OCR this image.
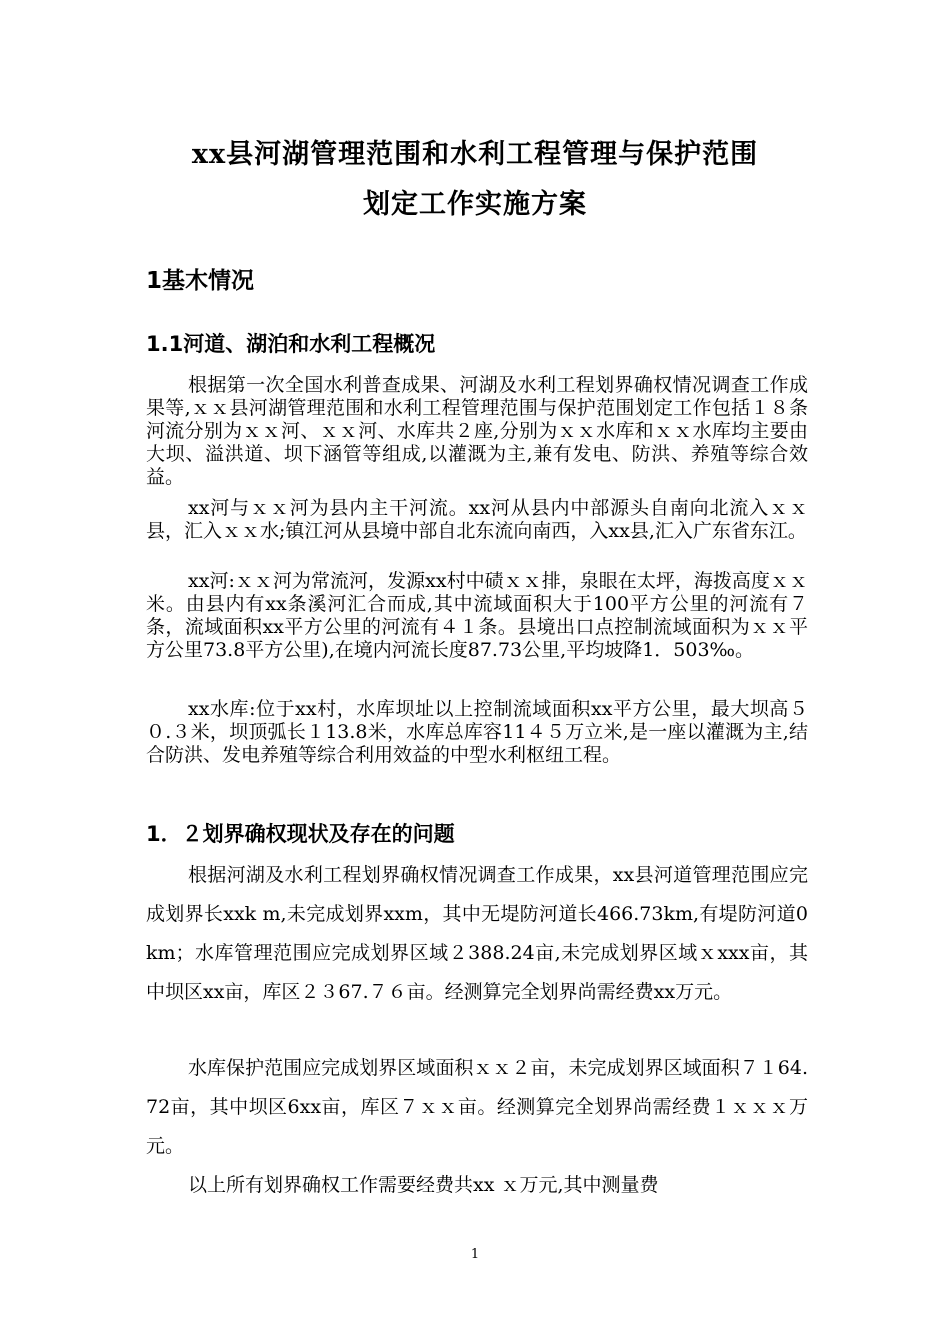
xx县河湖管理范围和水利工程管理与保护范围
划定工作实施方案
1基木情况
1.1河道、湖泊和水利工程概况

根据第一次全国水利普查成果、河湖及水利工程划界确权情况调查工作成果等,ｘｘ县河湖管理范围和水利工程管理范围与保护范围划定工作包括１８条河流分别为ｘｘ河、ｘｘ河、水库共２座,分别为ｘｘ水库和ｘｘ水库均主要由大坝、溢洪道、坝下涵管等组成,以灌溉为主,兼有发电、防洪、养殖等综合效益。

xx河与ｘｘ河为县内主干河流。xx河从县内中部源头自南向北流入ｘｘ县，汇入ｘｘ水;镇江河从县境中部自北东流向南西，入xx县,汇入广东省东江。

xx河:ｘｘ河为常流河，发源xx村中碛ｘｘ排，泉眼在太坪，海拨高度ｘｘ米。由县内有xx条溪河汇合而成,其中流域面积大于100平方公里的河流有７条，流域面积xx平方公里的河流有４１条。县境出口点控制流域面积为ｘｘ平方公里73.8平方公里),在境内河流长度87.73公里,平均坡降1．503‰。

xx水库:位于xx村，水库坝址以上控制流域面积xx平方公里，最大坝高５０.３米，坝顶弧长１13.8米，水库总库容11４５万立米,是一座以灌溉为主,结合防洪、发电养殖等综合利用效益的中型水利枢纽工程。

1．２划界确权现状及存在的问题

根据河湖及水利工程划界确权情况调查工作成果，xx县河道管理范围应完成划界长xxk m,未完成划界xxm，其中无堤防河道长466.73km,有堤防河道0km；水库管理范围应完成划界区域２388.24亩,未完成划界区域ｘxxx亩，其中坝区xx亩，库区２３67.７６亩。经测算完全划界尚需经费xx万元。

水库保护范围应完成划界区域面积ｘｘ２亩，未完成划界区域面积７１64.72亩，其中坝区6xx亩，库区７ｘｘ亩。经测算完全划界尚需经费１ｘｘｘ万元。

以上所有划界确权工作需要经费共xx ｘ万元,其中测量费

1
